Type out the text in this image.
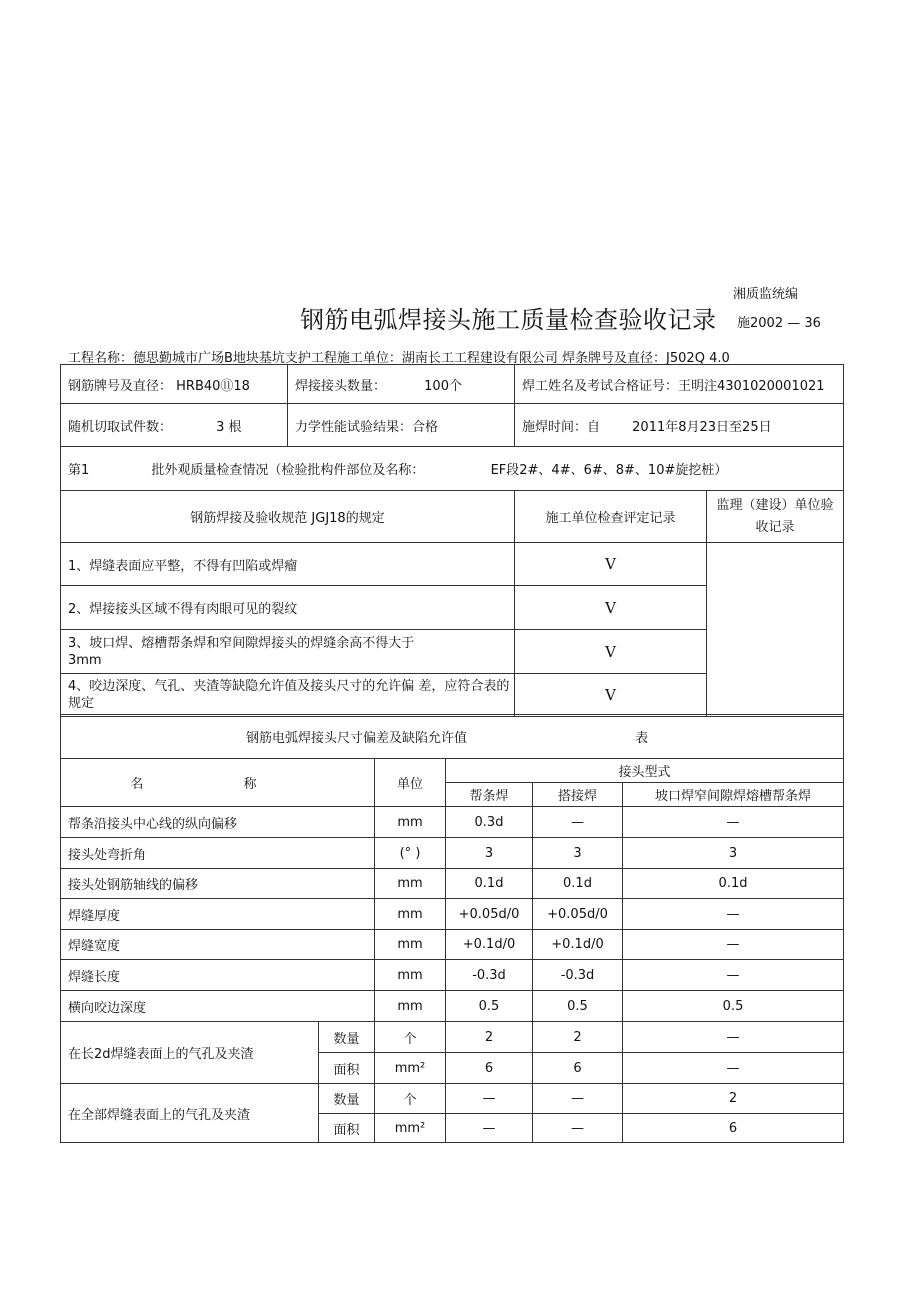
湘质监统编
钢筋电弧焊接头施工质量检查验收记录 施2002 — 36
工程名称：德思勤城市广场B地块基坑支护工程施工单位：湖南长工工程建设有限公司 焊条牌号及直径：J502Q 4.0
钢筋牌号及直径： HRB40⑪18	焊接接头数量： 100个	焊工姓名及考试合格证号：王明注4301020001021	
随机切取试件数： 3 根	力学性能试验结果：合格	施焊时间：自 2011年8月23日至25日	
第1 批外观质量检查情况（检验批构件部位及名称： EF段2#、4#、6#、8#、10#旋挖桩）			
钢筋焊接及验收规范 JGJ18的规定		施工单位检查评定记录	监理（建设）单位验收记录
1、焊缝表面应平整，不得有凹陷或焊瘤		V	
2、焊接接头区域不得有肉眼可见的裂纹		V	
3、坡口焊、熔槽帮条焊和窄间隙焊接头的焊缝余高不得大于3mm		V	
4、咬边深度、气孔、夹渣等缺隐允许值及接头尺寸的允许偏 差，应符合表的规定		V	
钢筋电弧焊接头尺寸偏差及缺陷允许值 表					
名 称		单位	接头型式		
			帮条焊	搭接焊	坡口焊窄间隙焊熔槽帮条焊
帮条沿接头中心线的纵向偏移		mm	0.3d	—	—
接头处弯折角		(° )	3	3	3
接头处钢筋轴线的偏移		mm	0.1d	0.1d	0.1d
焊缝厚度		mm	+0.05d/0	+0.05d/0	—
焊缝宽度		mm	+0.1d/0	+0.1d/0	—
焊缝长度		mm	-0.3d	-0.3d	—
横向咬边深度		mm	0.5	0.5	0.5
在长2d焊缝表面上的气孔及夹渣	数量	个	2	2	—
	面积	mm²	6	6	—
在全部焊缝表面上的气孔及夹渣	数量	个	—	—	2
	面积	mm²	—	—	6
